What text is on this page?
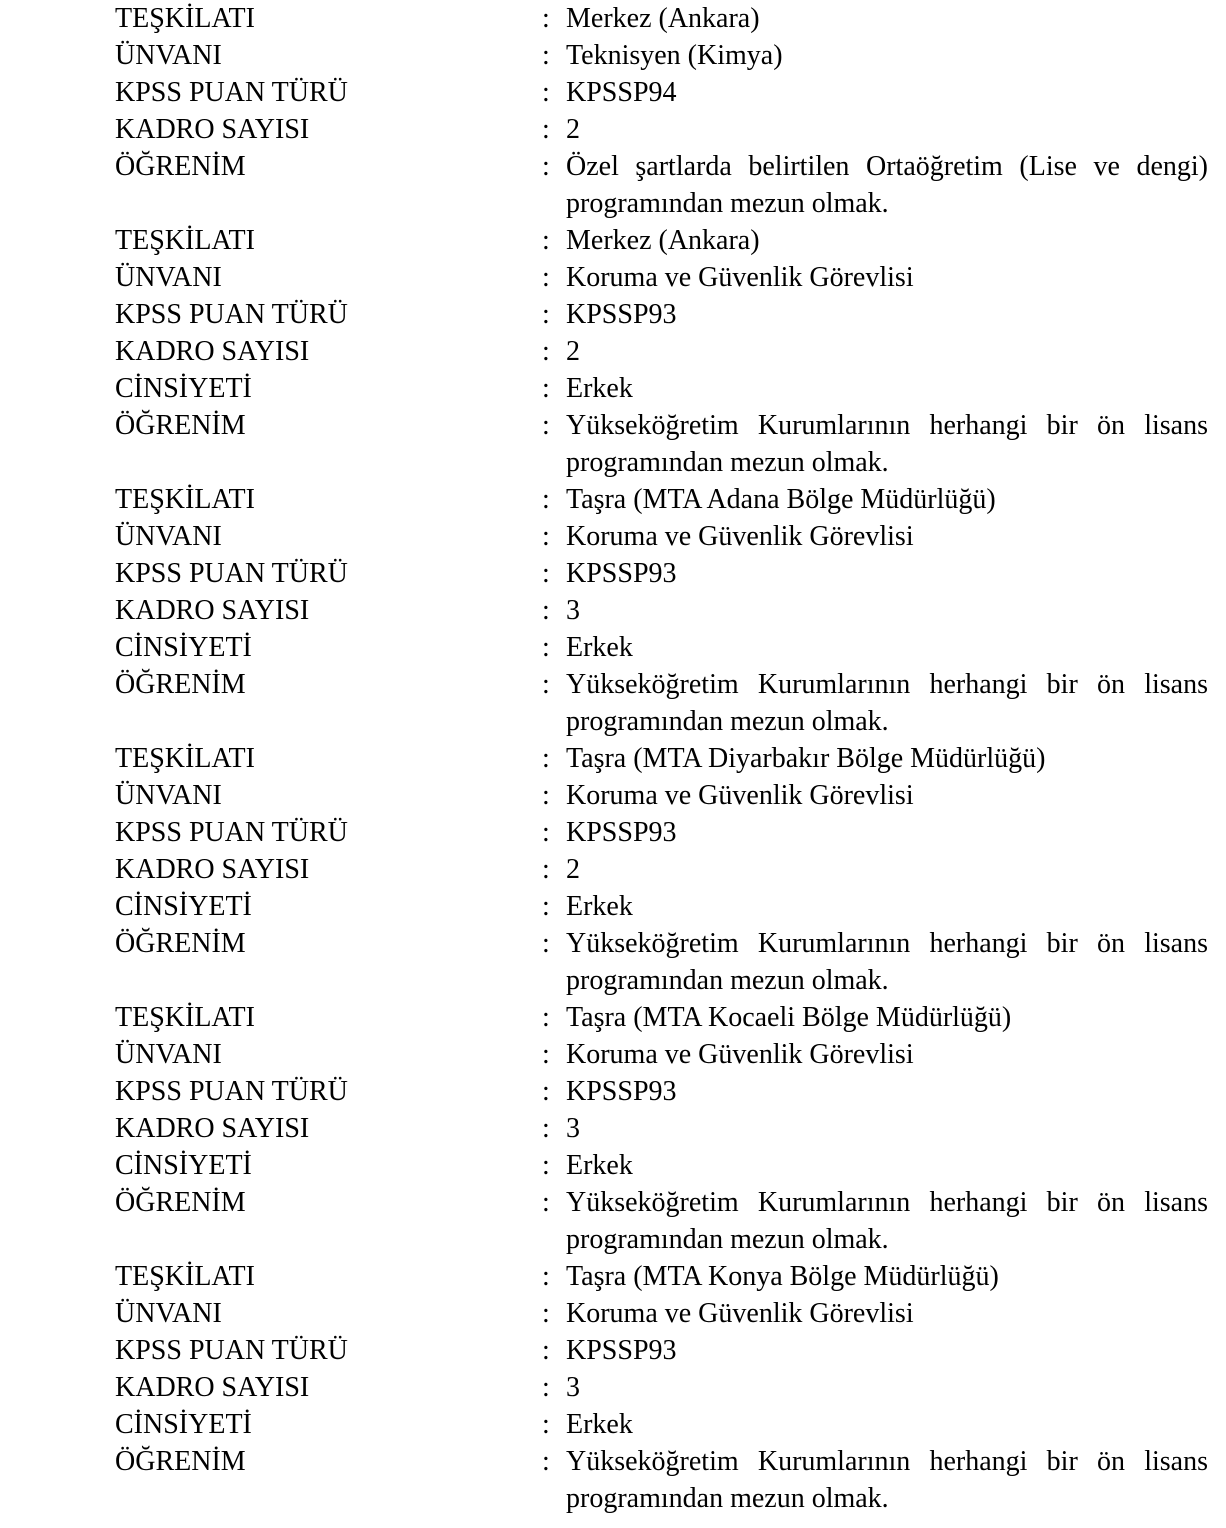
TEŞKİLATI	: Merkez (Ankara)
ÜNVANI	: Teknisyen (Kimya)
KPSS PUAN TÜRÜ	: KPSSP94
KADRO SAYISI	: 2
ÖĞRENİM	: Özel şartlarda belirtilen Ortaöğretim (Lise ve dengi) programından mezun olmak.
TEŞKİLATI	: Merkez (Ankara)
ÜNVANI	: Koruma ve Güvenlik Görevlisi
KPSS PUAN TÜRÜ	: KPSSP93
KADRO SAYISI	: 2
CİNSİYETİ	: Erkek
ÖĞRENİM	: Yükseköğretim Kurumlarının herhangi bir ön lisans programından mezun olmak.
TEŞKİLATI	: Taşra (MTA Adana Bölge Müdürlüğü)
ÜNVANI	: Koruma ve Güvenlik Görevlisi
KPSS PUAN TÜRÜ	: KPSSP93
KADRO SAYISI	: 3
CİNSİYETİ	: Erkek
ÖĞRENİM	: Yükseköğretim Kurumlarının herhangi bir ön lisans programından mezun olmak.
TEŞKİLATI	: Taşra (MTA Diyarbakır Bölge Müdürlüğü)
ÜNVANI	: Koruma ve Güvenlik Görevlisi
KPSS PUAN TÜRÜ	: KPSSP93
KADRO SAYISI	: 2
CİNSİYETİ	: Erkek
ÖĞRENİM	: Yükseköğretim Kurumlarının herhangi bir ön lisans programından mezun olmak.
TEŞKİLATI	: Taşra (MTA Kocaeli Bölge Müdürlüğü)
ÜNVANI	: Koruma ve Güvenlik Görevlisi
KPSS PUAN TÜRÜ	: KPSSP93
KADRO SAYISI	: 3
CİNSİYETİ	: Erkek
ÖĞRENİM	: Yükseköğretim Kurumlarının herhangi bir ön lisans programından mezun olmak.
TEŞKİLATI	: Taşra (MTA Konya Bölge Müdürlüğü)
ÜNVANI	: Koruma ve Güvenlik Görevlisi
KPSS PUAN TÜRÜ	: KPSSP93
KADRO SAYISI	: 3
CİNSİYETİ	: Erkek
ÖĞRENİM	: Yükseköğretim Kurumlarının herhangi bir ön lisans programından mezun olmak.
